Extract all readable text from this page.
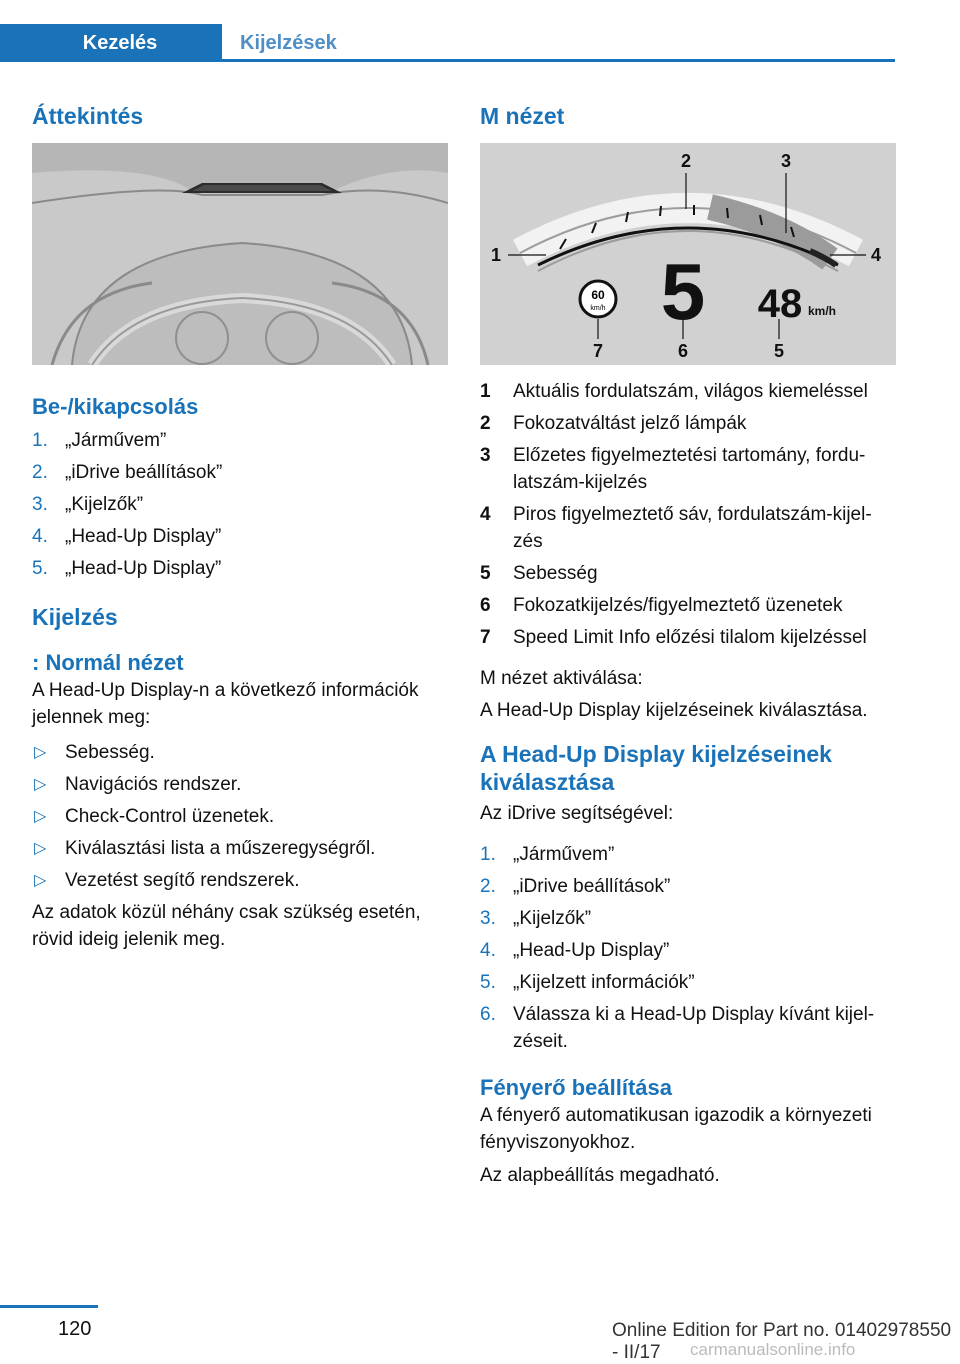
Kezelés	Kijelzések
Áttekintés
Be-/kikapcsolás
1. „Járművem”
2. „iDrive beállítások”
3. „Kijelzők”
4. „Head-Up Display”
5. „Head-Up Display”
Kijelzés
: Normál nézet

A Head-Up Display-n a következő információk jelennek meg:

▷ Sebesség.
▷ Navigációs rendszer.
▷ Check-Control üzenetek.
▷ Kiválasztási lista a műszeregységről.
▷ Vezetést segítő rendszerek.

Az adatok közül néhány csak szükség esetén, rövid ideig jelenik meg.

M nézet
60
km/h 5 48 km/h
1
2	3
4
5
6
7
1 Aktuális fordulatszám, világos kiemeléssel
2 Fokozatváltást jelző lámpák
3 Előzetes figyelmeztetési tartomány, fordu-latszám-kijelzés
4 Piros figyelmeztető sáv, fordulatszám-kijel-zés
5 Sebesség
6 Fokozatkijelzés/figyelmeztető üzenetek
7 Speed Limit Info előzési tilalom kijelzéssel

M nézet aktiválása:

A Head-Up Display kijelzéseinek kiválasztása.

A Head-Up Display kijelzéseinek kiválasztása

Az iDrive segítségével:

1. „Járművem”
2. „iDrive beállítások”
3. „Kijelzők”
4. „Head-Up Display”
5. „Kijelzett információk”
6. Válassza ki a Head-Up Display kívánt kijel-zéseit.
Fényerő beállítása

A fényerő automatikusan igazodik a környezeti fényviszonyokhoz.

Az alapbeállítás megadható.

120	Online Edition for Part no. 01402978550 - II/17	carmanualsonline.info
